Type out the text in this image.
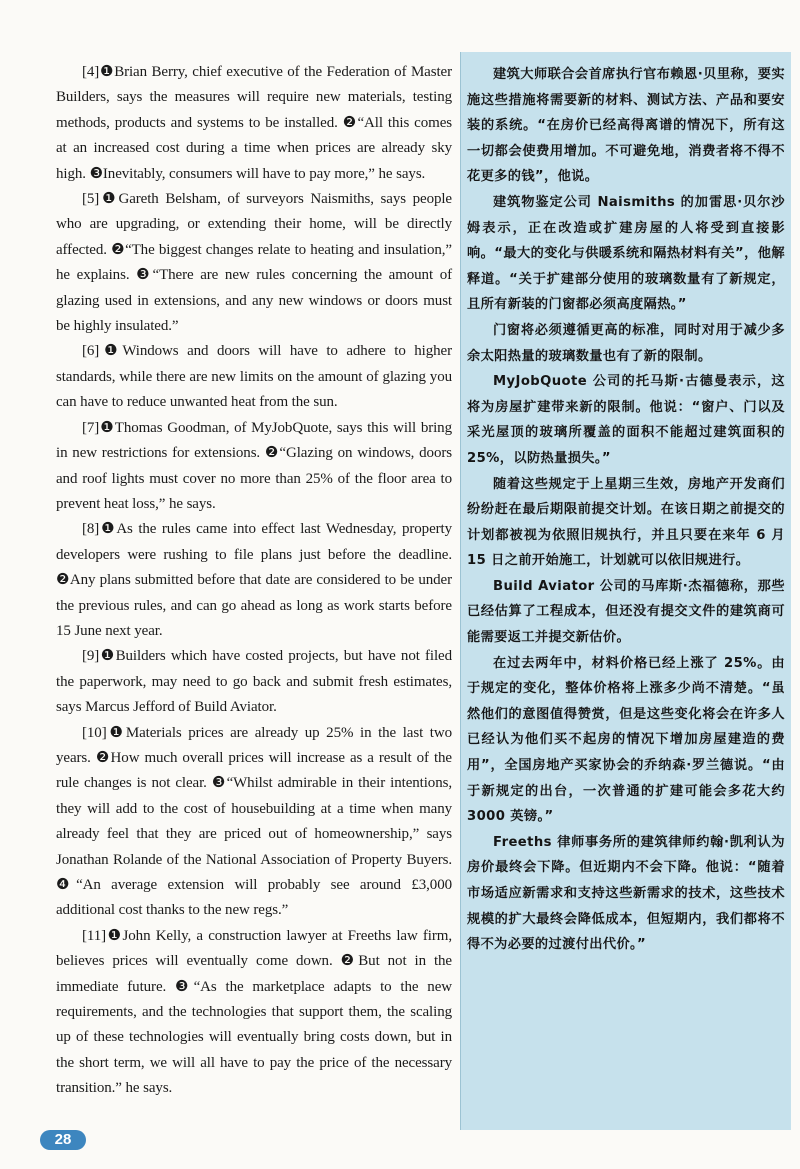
[4]❶Brian Berry, chief executive of the Federation of Master Builders, says the measures will require new materials, testing methods, products and systems to be installed. ❷“All this comes at an increased cost during a time when prices are already sky high. ❸Inevitably, consumers will have to pay more,” he says.

[5]❶Gareth Belsham, of surveyors Naismiths, says people who are upgrading, or extending their home, will be directly affected. ❷“The biggest changes relate to heating and insulation,” he explains. ❸“There are new rules concerning the amount of glazing used in extensions, and any new windows or doors must be highly insulated.”

[6]❶Windows and doors will have to adhere to higher standards, while there are new limits on the amount of glazing you can have to reduce unwanted heat from the sun.

[7]❶Thomas Goodman, of MyJobQuote, says this will bring in new restrictions for extensions. ❷“Glazing on windows, doors and roof lights must cover no more than 25% of the floor area to prevent heat loss,” he says.

[8]❶As the rules came into effect last Wednesday, property developers were rushing to file plans just before the deadline. ❷Any plans submitted before that date are considered to be under the previous rules, and can go ahead as long as work starts before 15 June next year.

[9]❶Builders which have costed projects, but have not filed the paperwork, may need to go back and submit fresh estimates, says Marcus Jefford of Build Aviator.

[10]❶Materials prices are already up 25% in the last two years. ❷How much overall prices will increase as a result of the rule changes is not clear. ❸“Whilst admirable in their intentions, they will add to the cost of housebuilding at a time when many already feel that they are priced out of homeownership,” says Jonathan Rolande of the National Association of Property Buyers. ❹“An average extension will probably see around £3,000 additional cost thanks to the new regs.”

[11]❶John Kelly, a construction lawyer at Freeths law firm, believes prices will eventually come down. ❷But not in the immediate future. ❸“As the marketplace adapts to the new requirements, and the technologies that support them, the scaling up of these technologies will eventually bring costs down, but in the short term, we will all have to pay the price of the necessary transition.” he says.

建筑大师联合会首席执行官布赖恩·贝里称，要实施这些措施将需要新的材料、测试方法、产品和要安装的系统。“在房价已经高得离谱的情况下，所有这一切都会使费用增加。不可避免地，消费者将不得不花更多的钱”，他说。

建筑物鉴定公司 Naismiths 的加雷思·贝尔沙姆表示，正在改造或扩建房屋的人将受到直接影响。“最大的变化与供暖系统和隔热材料有关”，他解释道。“关于扩建部分使用的玻璃数量有了新规定，且所有新装的门窗都必须高度隔热。”

门窗将必须遵循更高的标准，同时对用于减少多余太阳热量的玻璃数量也有了新的限制。

MyJobQuote 公司的托马斯·古德曼表示，这将为房屋扩建带来新的限制。他说：“窗户、门以及采光屋顶的玻璃所覆盖的面积不能超过建筑面积的 25%，以防热量损失。”

随着这些规定于上星期三生效，房地产开发商们纷纷赶在最后期限前提交计划。在该日期之前提交的计划都被视为依照旧规执行，并且只要在来年 6 月 15 日之前开始施工，计划就可以依旧规进行。

Build Aviator 公司的马库斯·杰福德称，那些已经估算了工程成本，但还没有提交文件的建筑商可能需要返工并提交新估价。

在过去两年中，材料价格已经上涨了 25%。由于规定的变化，整体价格将上涨多少尚不清楚。“虽然他们的意图值得赞赏，但是这些变化将会在许多人已经认为他们买不起房的情况下增加房屋建造的费用”，全国房地产买家协会的乔纳森·罗兰德说。“由于新规定的出台，一次普通的扩建可能会多花大约 3000 英镑。”

Freeths 律师事务所的建筑律师约翰·凯利认为房价最终会下降。但近期内不会下降。他说：“随着市场适应新需求和支持这些新需求的技术，这些技术规模的扩大最终会降低成本，但短期内，我们都将不得不为必要的过渡付出代价。”

28
